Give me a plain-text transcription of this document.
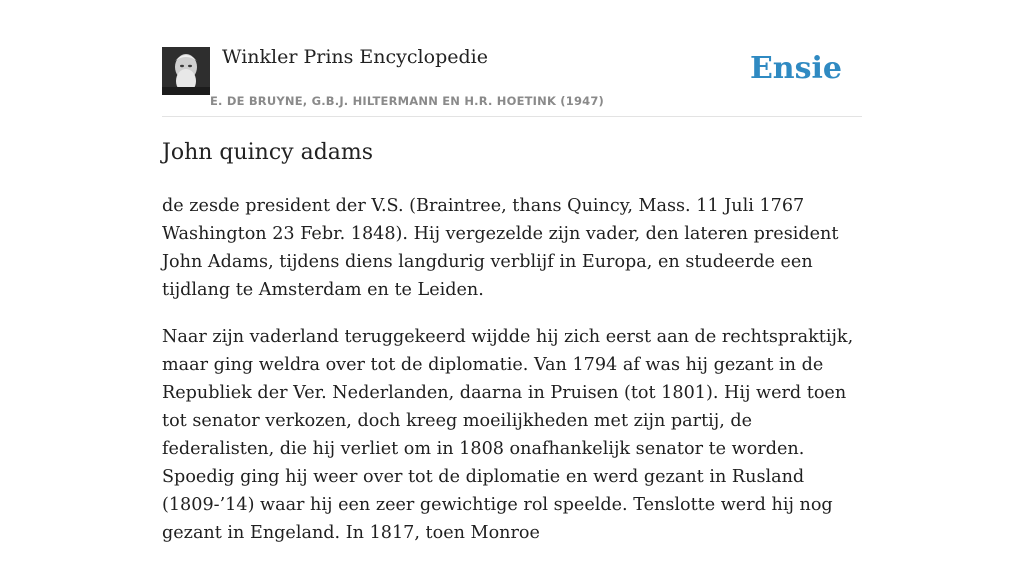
Winkler Prins Encyclopedie
E. DE BRUYNE, G.B.J. HILTERMANN EN H.R. HOETINK (1947)
Ensie
John quincy adams

de zesde president der V.S. (Braintree, thans Quincy, Mass. 11 Juli 1767 Washington 23 Febr. 1848). Hij vergezelde zijn vader, den lateren president John Adams, tijdens diens langdurig verblijf in Europa, en studeerde een tijdlang te Amsterdam en te Leiden.

Naar zijn vaderland teruggekeerd wijdde hij zich eerst aan de rechtspraktijk, maar ging weldra over tot de diplomatie. Van 1794 af was hij gezant in de Republiek der Ver. Nederlanden, daarna in Pruisen (tot 1801). Hij werd toen tot senator verkozen, doch kreeg moeilijkheden met zijn partij, de federalisten, die hij verliet om in 1808 onafhankelijk senator te worden. Spoedig ging hij weer over tot de diplomatie en werd gezant in Rusland (1809-’14) waar hij een zeer gewichtige rol speelde. Tenslotte werd hij nog gezant in Engeland. In 1817, toen Monroe
